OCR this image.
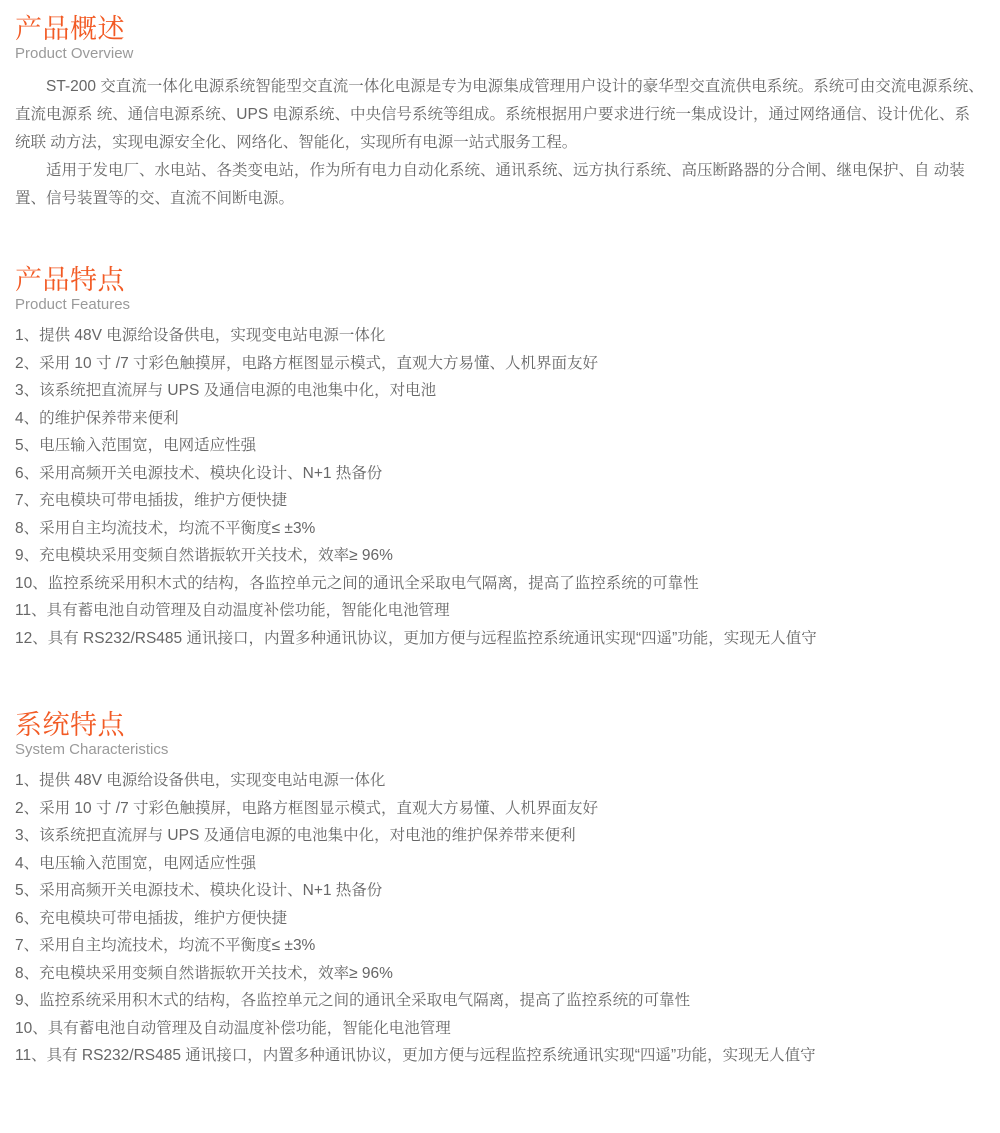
产品概述
Product Overview

ST-200 交直流一体化电源系统智能型交直流一体化电源是专为电源集成管理用户设计的豪华型交直流供电系统。系统可由交流电源系统、直流电源系 统、通信电源系统、UPS 电源系统、中央信号系统等组成。系统根据用户要求进行统一集成设计，通过网络通信、设计优化、系统联 动方法，实现电源安全化、网络化、智能化，实现所有电源一站式服务工程。

适用于发电厂、水电站、各类变电站，作为所有电力自动化系统、通讯系统、远方执行系统、高压断路器的分合闸、继电保护、自 动装置、信号装置等的交、直流不间断电源。

产品特点
Product Features
1、提供 48V 电源给设备供电，实现变电站电源一体化
2、采用 10 寸 /7 寸彩色触摸屏，电路方框图显示模式，直观大方易懂、人机界面友好
3、该系统把直流屏与 UPS 及通信电源的电池集中化，对电池
4、的维护保养带来便利
5、电压输入范围宽，电网适应性强
6、采用高频开关电源技术、模块化设计、N+1 热备份
7、充电模块可带电插拔，维护方便快捷
8、采用自主均流技术，均流不平衡度≤ ±3%
9、充电模块采用变频自然谐振软开关技术，效率≥ 96%
10、监控系统采用积木式的结构，各监控单元之间的通讯全采取电气隔离，提高了监控系统的可靠性
11、具有蓄电池自动管理及自动温度补偿功能，智能化电池管理
12、具有 RS232/RS485 通讯接口，内置多种通讯协议，更加方便与远程监控系统通讯实现“四遥”功能，实现无人值守
系统特点
System Characteristics
1、提供 48V 电源给设备供电，实现变电站电源一体化
2、采用 10 寸 /7 寸彩色触摸屏，电路方框图显示模式，直观大方易懂、人机界面友好
3、该系统把直流屏与 UPS 及通信电源的电池集中化，对电池的维护保养带来便利
4、电压输入范围宽，电网适应性强
5、采用高频开关电源技术、模块化设计、N+1 热备份
6、充电模块可带电插拔，维护方便快捷
7、采用自主均流技术，均流不平衡度≤ ±3%
8、充电模块采用变频自然谐振软开关技术，效率≥ 96%
9、监控系统采用积木式的结构，各监控单元之间的通讯全采取电气隔离，提高了监控系统的可靠性
10、具有蓄电池自动管理及自动温度补偿功能，智能化电池管理
11、具有 RS232/RS485 通讯接口，内置多种通讯协议，更加方便与远程监控系统通讯实现“四遥”功能，实现无人值守
